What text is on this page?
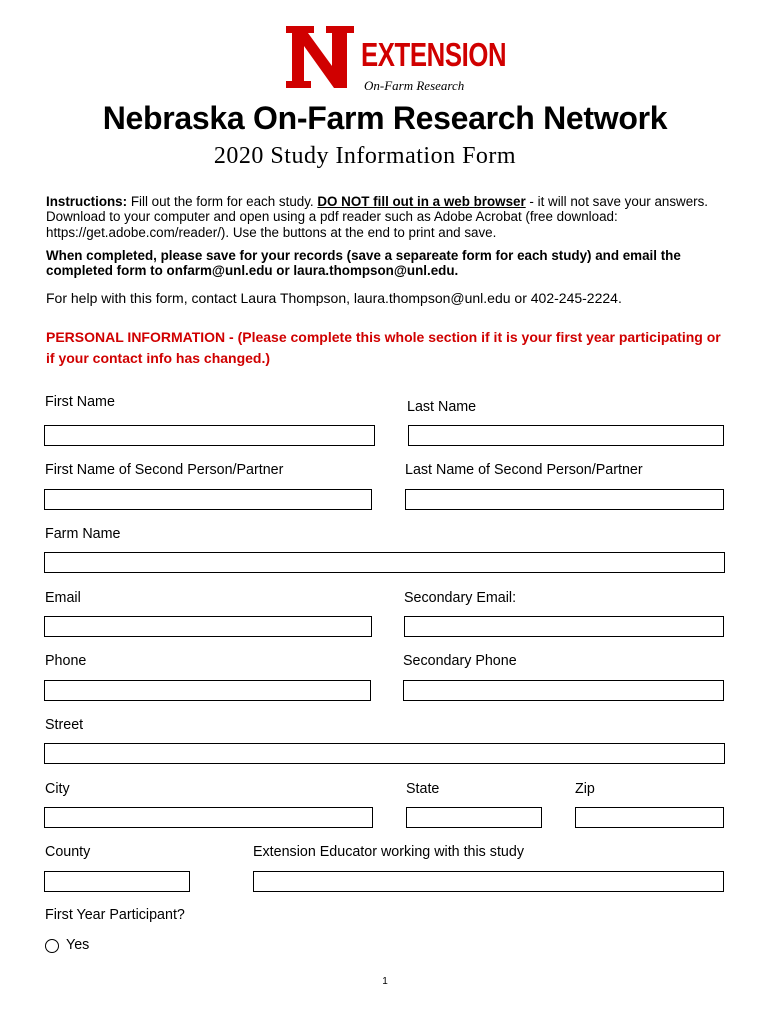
EXTENSION
On-Farm Research
Nebraska On-Farm Research Network
2020 Study Information Form
Instructions: Fill out the form for each study. DO NOT fill out in a web browser - it will not save your answers. Download to your computer and open using a pdf reader such as Adobe Acrobat (free download: https://get.adobe.com/reader/). Use the buttons at the end to print and save.
When completed, please save for your records (save a separeate form for each study) and email the completed form to onfarm@unl.edu or laura.thompson@unl.edu.
For help with this form, contact Laura Thompson, laura.thompson@unl.edu or 402-245-2224.
PERSONAL INFORMATION - (Please complete this whole section if it is your first year participating or if your contact info has changed.)
First Name	Last Name
First Name of Second Person/Partner	Last Name of Second Person/Partner
Farm Name
Email	Secondary Email:
Phone	Secondary Phone
Street
City	State	Zip
County	Extension Educator working with this study
First Year Participant?
Yes
1
